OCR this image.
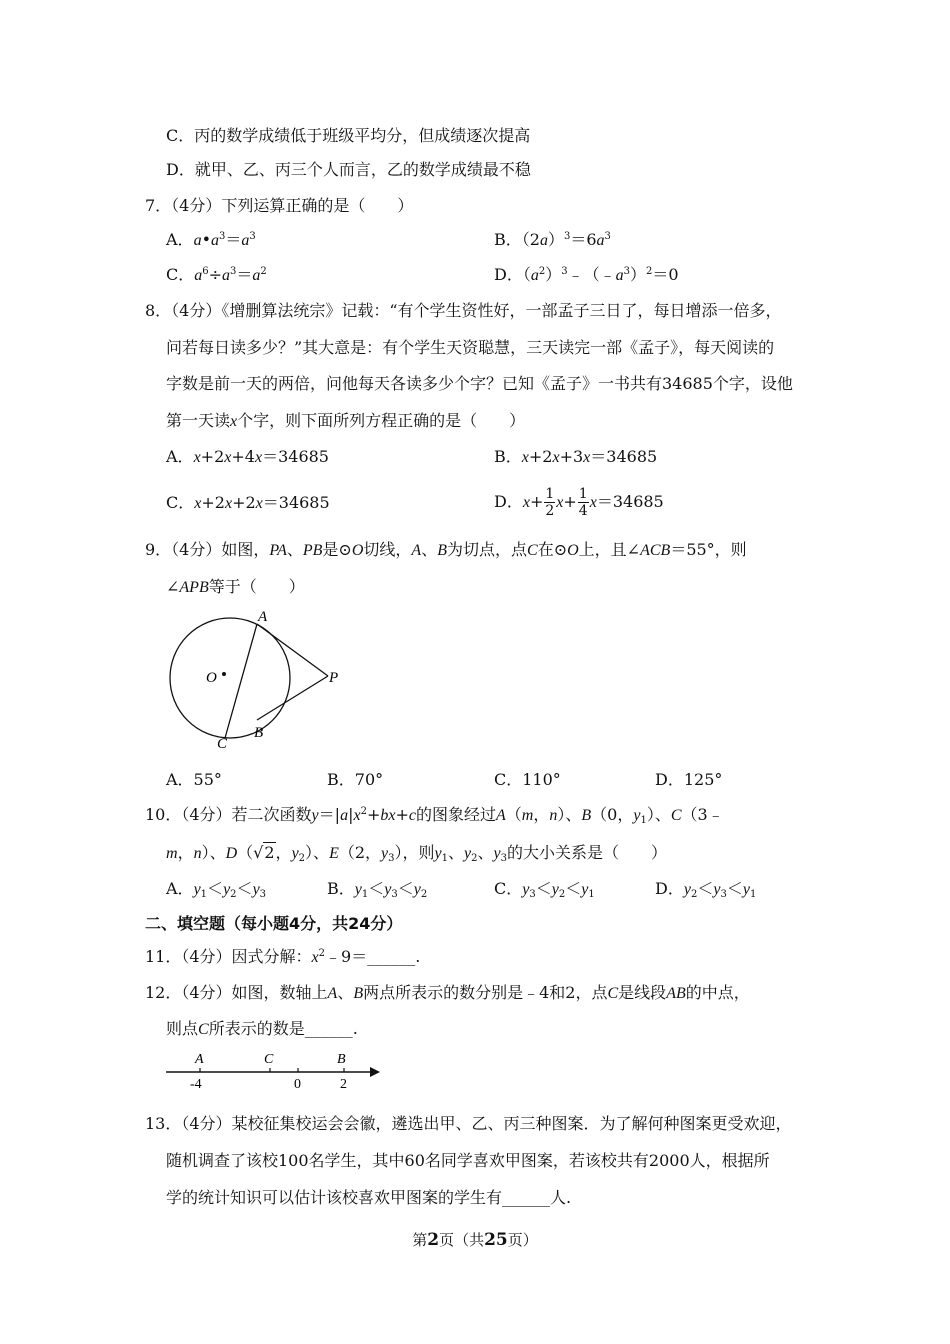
C．丙的数学成绩低于班级平均分，但成绩逐次提高
D．就甲、乙、丙三个人而言，乙的数学成绩最不稳
7．（4分）下列运算正确的是（　　）
A．$a•a^3=a^3$	B．$(2a)^3=6a^3$
C．$a^6\div a^3=a^2$	D．$(a^2)^3﹣(﹣a^3)^2=0$
8．（4分）《增删算法统宗》记载：“有个学生资性好，一部孟子三日了，每日增添一倍多，
问若每日读多少？”其大意是：有个学生天资聪慧，三天读完一部《孟子》，每天阅读的
字数是前一天的两倍，问他每天各读多少个字？已知《孟子》一书共有34685个字，设他
第一天读x个字，则下面所列方程正确的是（　　）
A．x+2x+4x＝34685	B．x+2x+3x＝34685
C．x+2x+2x＝34685	D．$x+ \frac{1}{2} x+ \frac{1}{4} x=34685$
9．（4分）如图，PA、PB是⊙O切线，A、B为切点，点C在⊙O上，且∠ACB＝55°，则
∠APB等于（　　）
A
O	P
C
B
A．55°	B．70°	C．110°	D．125°
10．（4分）若二次函数$y=|a|x^2+bx+c$的图象经过A（m，n）、B（0，$y_1$）、C（3﹣
m，n）、D（√2，$y_2$）、E（2，$y_3$），则$y_1$、$y_2$、$y_3$的大小关系是（　　）
A．$y_1<y_2<y_3$	B．$y_1<y_3<y_2$	C．$y_3<y_2<y_1$	D．$y_2<y_3<y_1$
二、填空题（每小题4分，共24分）
11．（4分）因式分解：$x^2﹣9=\_\_\_\_\_\_$.
12．（4分）如图，数轴上A、B两点所表示的数分别是﹣4和2，点C是线段AB的中点，
则点C所表示的数是______.
A	C	B
-4	0	2
13．（4分）某校征集校运会会徽，遴选出甲、乙、丙三种图案．为了解何种图案更受欢迎，
随机调查了该校100名学生，其中60名同学喜欢甲图案，若该校共有2000人，根据所
学的统计知识可以估计该校喜欢甲图案的学生有______人.
第2页（共25页）
